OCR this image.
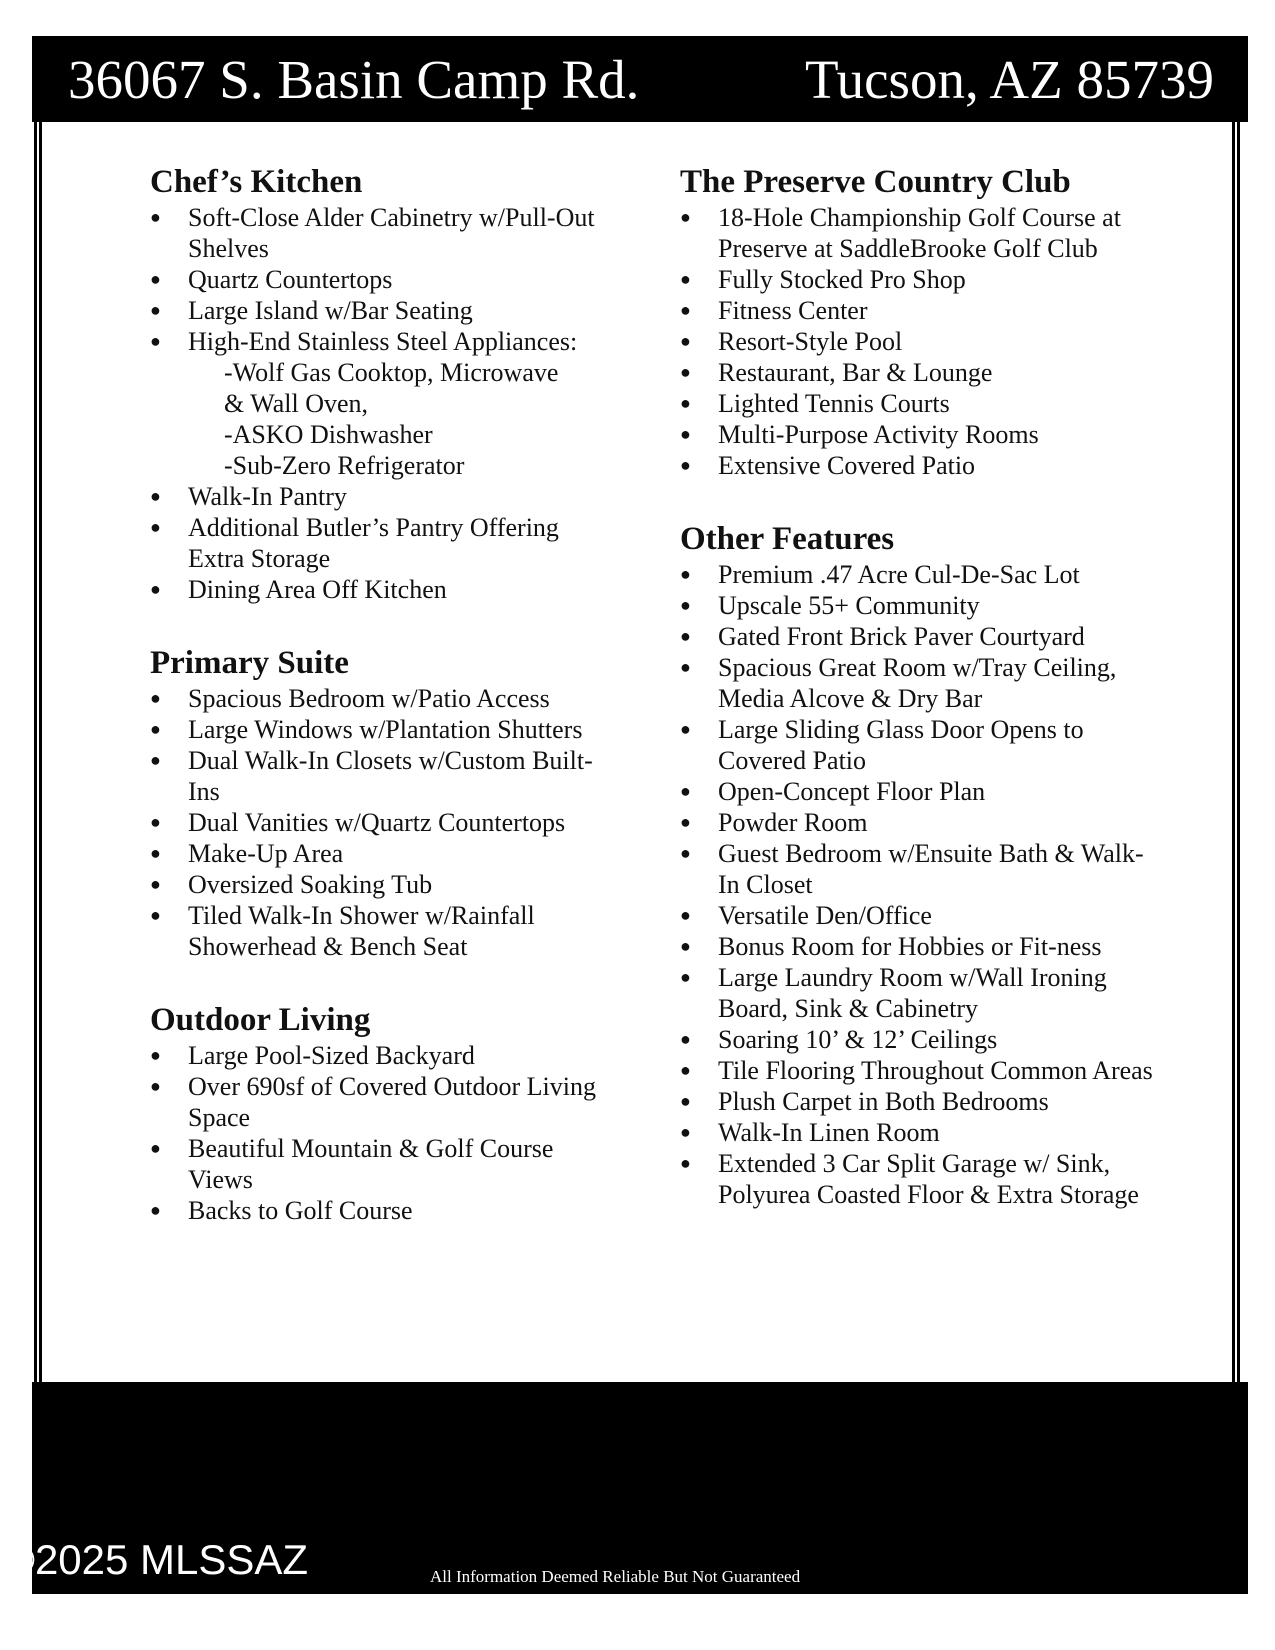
36067 S. Basin Camp Rd.	Tucson, AZ 85739
Chef’s Kitchen
● Soft-Close Alder Cabinetry w/Pull-Out Shelves
● Quartz Countertops
● Large Island w/Bar Seating
● High-End Stainless Steel Appliances:
-Wolf Gas Cooktop, Microwave
& Wall Oven,
-ASKO Dishwasher
-Sub-Zero Refrigerator
● Walk-In Pantry
● Additional Butler’s Pantry Offering Extra Storage
● Dining Area Off Kitchen
Primary Suite
● Spacious Bedroom w/Patio Access
● Large Windows w/Plantation Shutters
● Dual Walk-In Closets w/Custom Built-Ins
● Dual Vanities w/Quartz Countertops
● Make-Up Area
● Oversized Soaking Tub
● Tiled Walk-In Shower w/Rainfall Showerhead & Bench Seat
Outdoor Living
● Large Pool-Sized Backyard
● Over 690sf of Covered Outdoor Living Space
● Beautiful Mountain & Golf Course Views
● Backs to Golf Course
The Preserve Country Club
● 18-Hole Championship Golf Course at Preserve at SaddleBrooke Golf Club
● Fully Stocked Pro Shop
● Fitness Center
● Resort-Style Pool
● Restaurant, Bar & Lounge
● Lighted Tennis Courts
● Multi-Purpose Activity Rooms
● Extensive Covered Patio
Other Features
● Premium .47 Acre Cul-De-Sac Lot
● Upscale 55+ Community
● Gated Front Brick Paver Courtyard
● Spacious Great Room w/Tray Ceiling, Media Alcove & Dry Bar
● Large Sliding Glass Door Opens to Covered Patio
● Open-Concept Floor Plan
● Powder Room
● Guest Bedroom w/Ensuite Bath & Walk-In Closet
● Versatile Den/Office
● Bonus Room for Hobbies or Fit-ness
● Large Laundry Room w/Wall Ironing Board, Sink & Cabinetry
● Soaring 10’ & 12’ Ceilings
● Tile Flooring Throughout Common Areas
● Plush Carpet in Both Bedrooms
● Walk-In Linen Room
● Extended 3 Car Split Garage w/ Sink, Polyurea Coasted Floor & Extra Storage
©2025 MLSSAZ	All Information Deemed Reliable But Not Guaranteed
